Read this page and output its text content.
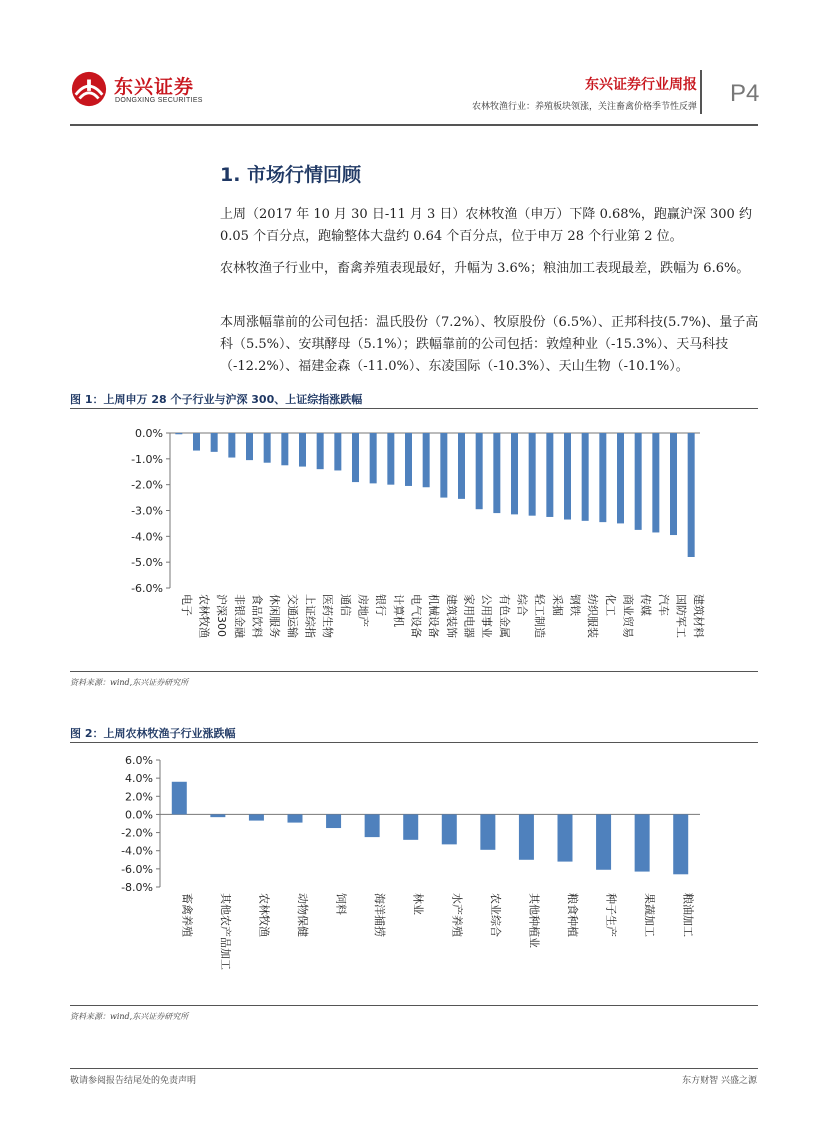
东兴证券
DONGXING SECURITIES
东兴证券行业周报
农林牧渔行业：养殖板块领涨，关注畜禽价格季节性反弹 P4
1. 市场行情回顾
上周（2017 年 10 月 30 日-11 月 3 日）农林牧渔（申万）下降 0.68%，跑赢沪深 300 约 0.05 个百分点，跑输整体大盘约 0.64 个百分点，位于申万 28 个行业第 2 位。
农林牧渔子行业中，畜禽养殖表现最好，升幅为 3.6%；粮油加工表现最差，跌幅为 6.6%。
本周涨幅靠前的公司包括：温氏股份（7.2%）、牧原股份（6.5%）、正邦科技(5.7%)、量子高科（5.5%）、安琪酵母（5.1%）；跌幅靠前的公司包括：敦煌种业（-15.3%）、天马科技（-12.2%）、福建金森（-11.0%）、东凌国际（-10.3%）、天山生物（-10.1%）。
图 1：上周申万 28 个子行业与沪深 300、上证综指涨跌幅
0.0%
-1.0%
-2.0%
-3.0%
-4.0%
-5.0%
-6.0%
电子 农林牧渔 沪深300 非银金融 食品饮料 休闲服务 交通运输 上证综指 医药生物 通信 房地产 银行 计算机 电气设备 机械设备 建筑装饰 家用电器 公用事业 有色金属 综合 轻工制造 采掘 钢铁 纺织服装 化工 商业贸易 传媒 汽车 国防军工 建筑材料
资料来源：wind,东兴证券研究所
图 2：上周农林牧渔子行业涨跌幅
6.0%
4.0%
2.0%
0.0%
-2.0%
-4.0%
-6.0%
-8.0%
畜禽养殖 其他农产品加工 农林牧渔 动物保健 饲料 海洋捕捞 林业 水产养殖 农业综合 其他种植业 粮食种植 种子生产 果蔬加工 粮油加工
资料来源：wind,东兴证券研究所
敬请参阅报告结尾处的免责声明	东方财智 兴盛之源
